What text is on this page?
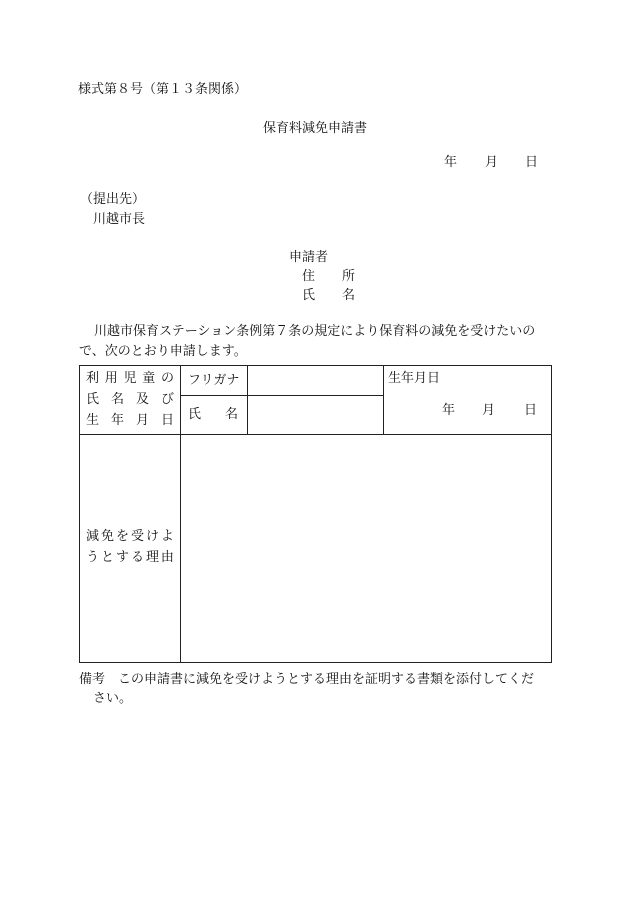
様式第８号（第１３条関係）
保育料減免申請書
年 月 日
（提出先）
川越市長
申請者
住 所
氏 名
川越市保育ステーション条例第７条の規定により保育料の減免を受けたいの
で、次のとおり申請します。
利 用 児 童 の
氏 名 及 び
生 年 月 日
フリガナ
氏 名
生年月日
年 月 日
減 免 を 受 け よ
う と す る 理 由
備考　この申請書に減免を受けようとする理由を証明する書類を添付してくだ
さい。
